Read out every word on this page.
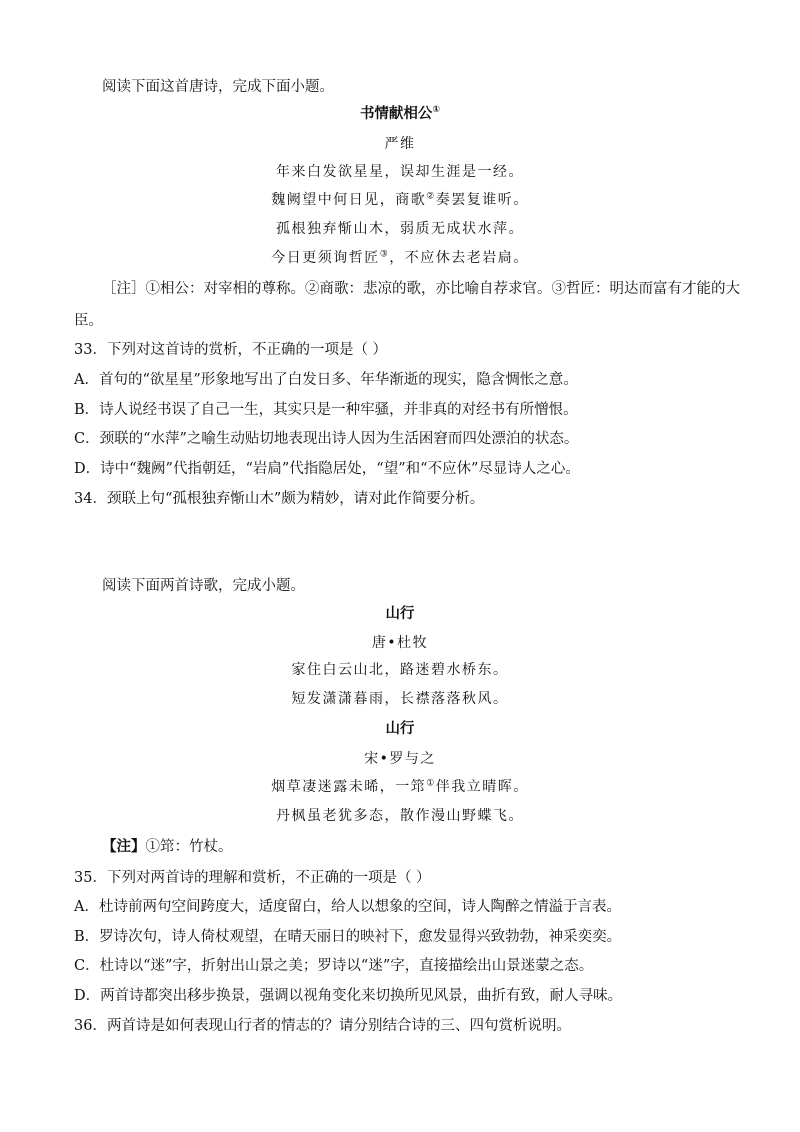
阅读下面这首唐诗，完成下面小题。
书情献相公①
严维
年来白发欲星星，误却生涯是一经。
魏阙望中何日见，商歌②奏罢复谁听。
孤根独弃惭山木，弱质无成状水萍。
今日更须询哲匠③，不应休去老岩扃。
［注］①相公：对宰相的尊称。②商歌：悲凉的歌，亦比喻自荐求官。③哲匠：明达而富有才能的大
臣。
33．下列对这首诗的赏析，不正确的一项是（ ）
A．首句的“欲星星”形象地写出了白发日多、年华渐逝的现实，隐含惆怅之意。
B．诗人说经书误了自己一生，其实只是一种牢骚，并非真的对经书有所憎恨。
C．颈联的“水萍”之喻生动贴切地表现出诗人因为生活困窘而四处漂泊的状态。
D．诗中“魏阙”代指朝廷，“岩扃”代指隐居处，“望”和“不应休”尽显诗人之心。
34．颈联上句“孤根独弃惭山木”颇为精妙，请对此作简要分析。
阅读下面两首诗歌，完成小题。
山行
唐•杜牧
家住白云山北，路迷碧水桥东。
短发潇潇暮雨，长襟落落秋风。
山行
宋•罗与之
烟草凄迷露未晞，一筇①伴我立晴晖。
丹枫虽老犹多态，散作漫山野蝶飞。
【注】①筇：竹杖。
35．下列对两首诗的理解和赏析，不正确的一项是（ ）
A．杜诗前两句空间跨度大，适度留白，给人以想象的空间，诗人陶醉之情溢于言表。
B．罗诗次句，诗人倚杖观望，在晴天丽日的映衬下，愈发显得兴致勃勃，神采奕奕。
C．杜诗以“迷”字，折射出山景之美；罗诗以“迷”字，直接描绘出山景迷蒙之态。
D．两首诗都突出移步换景，强调以视角变化来切换所见风景，曲折有致，耐人寻味。
36．两首诗是如何表现山行者的情志的？请分别结合诗的三、四句赏析说明。
